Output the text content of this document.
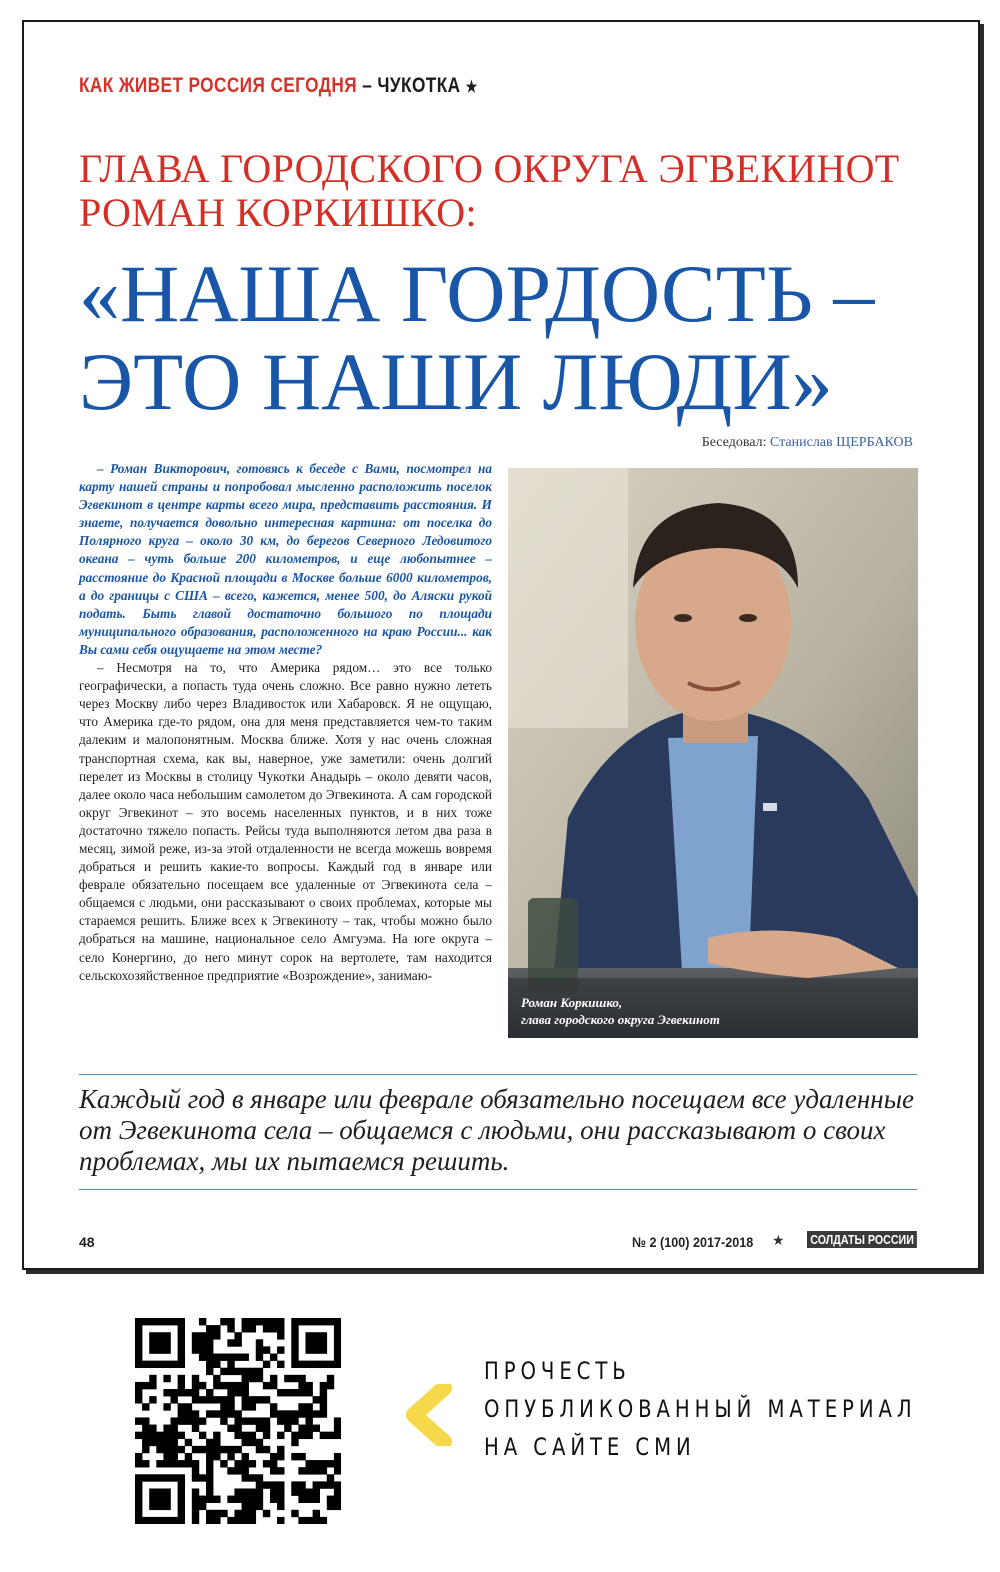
КАК ЖИВЕТ РОССИЯ СЕГОДНЯ – ЧУКОТКА ★
ГЛАВА ГОРОДСКОГО ОКРУГА ЭГВЕКИНОТ
РОМАН КОРКИШКО:
«НАША ГОРДОСТЬ –
ЭТО НАШИ ЛЮДИ»
Беседовал: Станислав ЩЕРБАКОВ

– Роман Викторович, готовясь к беседе с Вами, посмотрел на карту нашей страны и попробовал мысленно расположить поселок Эгвекинот в центре карты всего мира, представить расстояния. И знаете, получается довольно интересная картина: от поселка до Полярного круга – около 30 км, до берегов Северного Ледовитого океана – чуть больше 200 километров, и еще любопытнее – расстояние до Красной площади в Москве больше 6000 километров, а до границы с США – всего, кажется, менее 500, до Аляски рукой подать. Быть главой достаточно большого по площади муниципального образования, расположенного на краю России... как Вы сами себя ощущаете на этом месте?

– Несмотря на то, что Америка рядом… это все только географически, а попасть туда очень сложно. Все равно нужно лететь через Москву либо через Владивосток или Хабаровск. Я не ощущаю, что Америка где-то рядом, она для меня представляется чем-то таким далеким и малопонятным. Москва ближе. Хотя у нас очень сложная транспортная схема, как вы, наверное, уже заметили: очень долгий перелет из Москвы в столицу Чукотки Анадырь – около девяти часов, далее около часа небольшим самолетом до Эгвекинота. А сам городской округ Эгвекинот – это восемь населенных пунктов, и в них тоже достаточно тяжело попасть. Рейсы туда выполняются летом два раза в месяц, зимой реже, из-за этой отдаленности не всегда можешь вовремя добраться и решить какие-то вопросы. Каждый год в январе или феврале обязательно посещаем все удаленные от Эгвекинота села – общаемся с людьми, они рассказывают о своих проблемах, которые мы стараемся решить. Ближе всех к Эгвекиноту – так, чтобы можно было добраться на машине, национальное село Амгуэма. На юге округа – село Конергино, до него минут сорок на вертолете, там находится сельскохозяйственное предприятие «Возрождение», занимаю-

Роман Коркишко,
глава городского округа Эгвекинот
Каждый год в январе или феврале обязательно посещаем все удаленные от Эгвекинота села – общаемся с людьми, они рассказывают о своих проблемах, мы их пытаемся решить.
48	№ 2 (100) 2017-2018 ★ СОЛДАТЫ РОССИИ
ПРОЧЕСТЬ
ОПУБЛИКОВАННЫЙ МАТЕРИАЛ
НА САЙТЕ СМИ
